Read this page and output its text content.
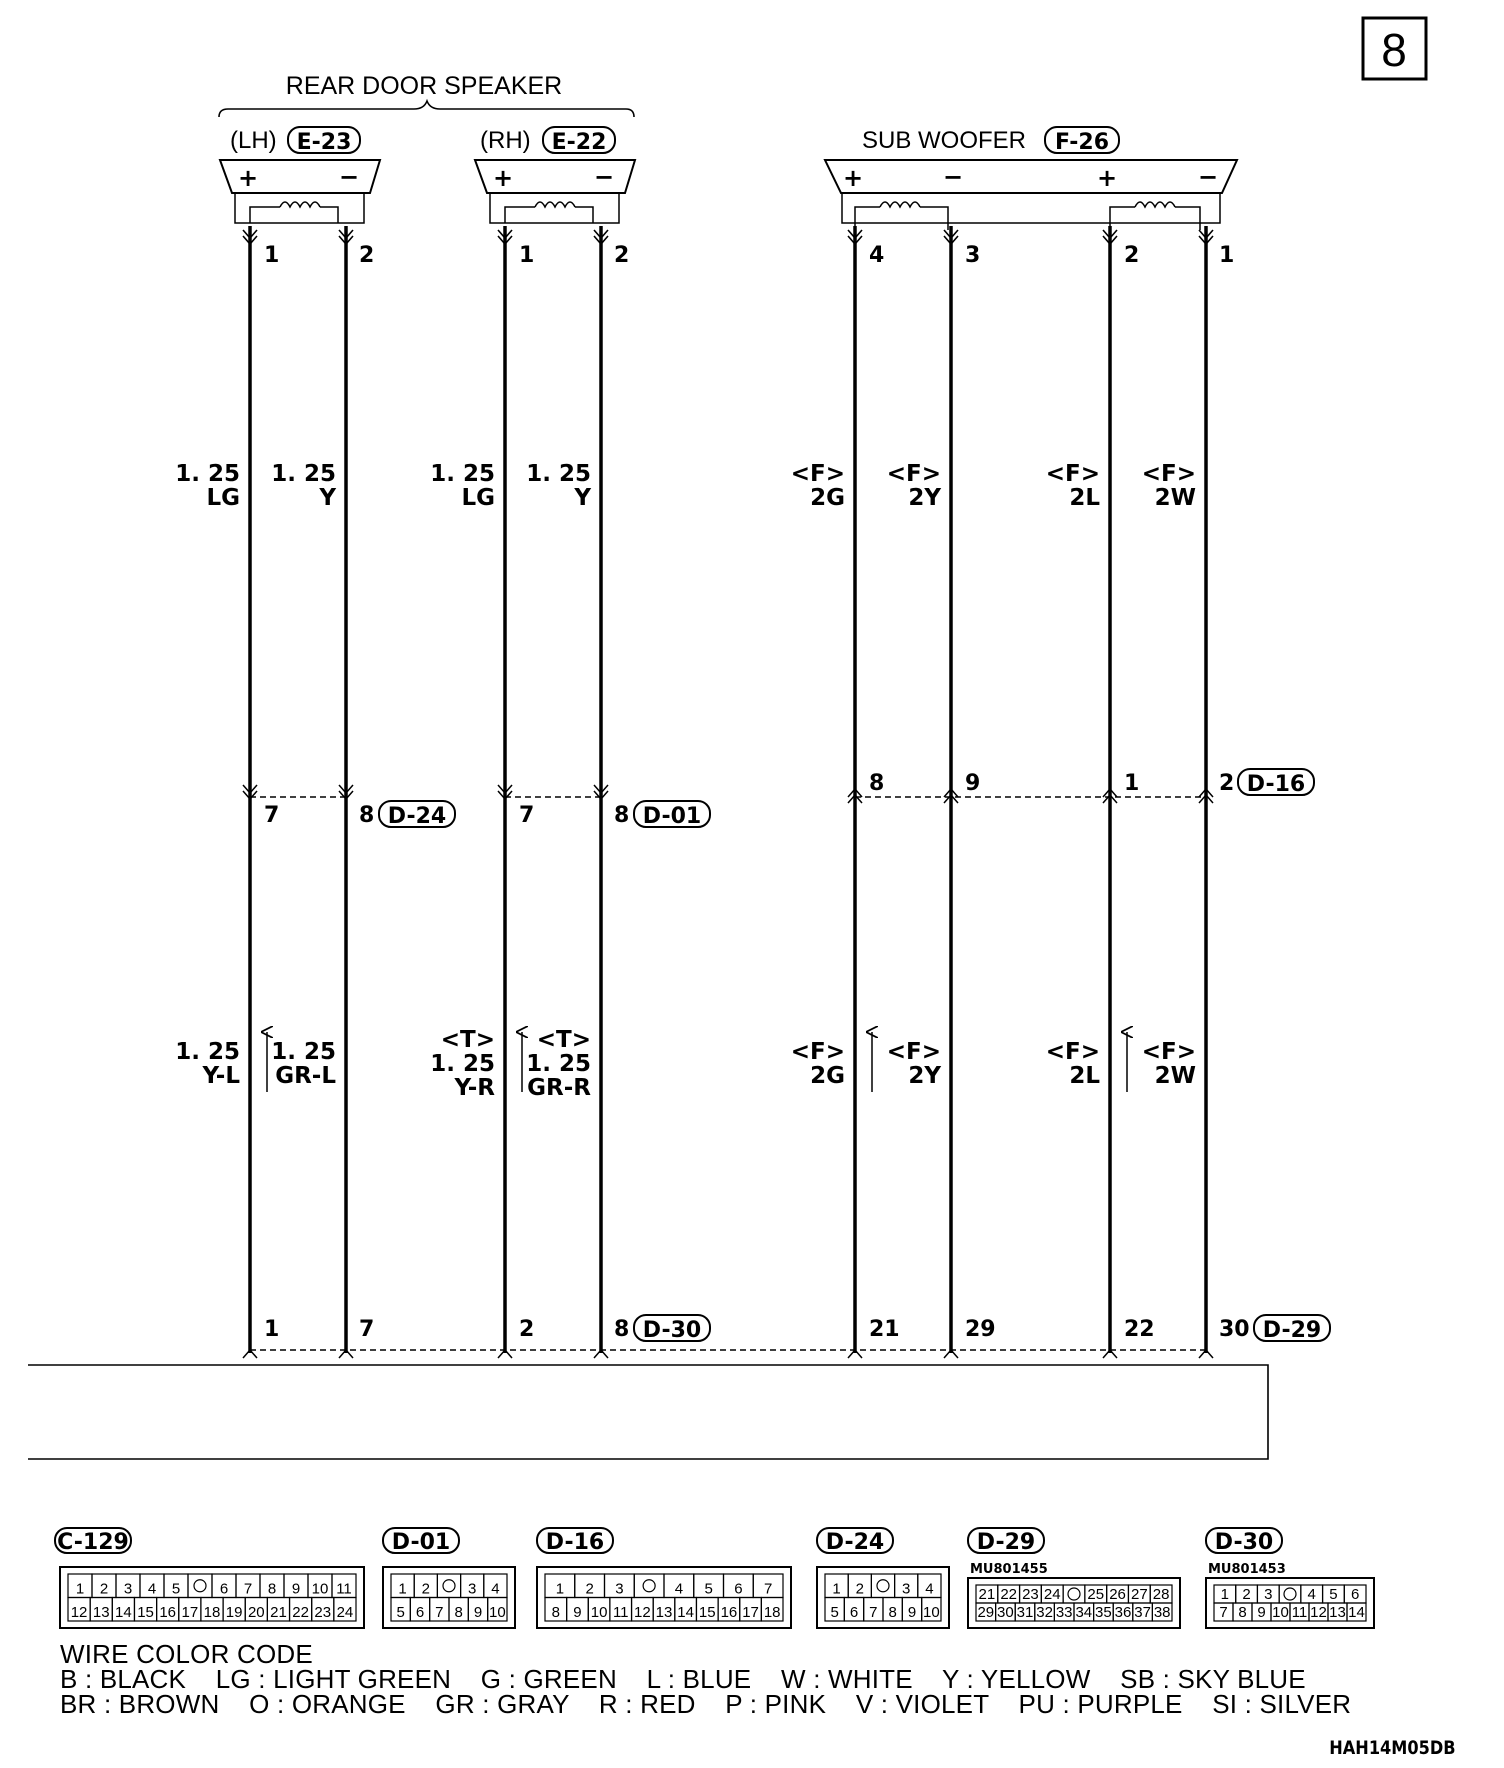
8
REAR DOOR SPEAKER
(LH) E-23	(RH) E-22	SUB WOOFER F-26
+	−	+	−	+	−	+	−
1	2	1	2	4	3	2	1
1. 25
LG
1. 25
Y
1. 25
LG
1. 25
Y
<F>
2G
<F>
2Y
<F>
2L
<F>
2W
7	8 D-24	7	8 D-01
8	9	1	2 D-16
1. 25
Y-L
1. 25
GR-L
<T>
1. 25
Y-R
<T>
1. 25
GR-R
<F>
2G
<F>
2Y
<F>
2L
<F>
2W
1	7	2	8 D-30	21	29	22	30 D-29
C-129
1 2 3 4 5	6 7 8 9 10 11
12 13 14 15 16 17 18 19 20 21 22 23 24
D-01
1 2	3 4
5 6 7 8 9 10
D-16
1 2 3	4 5 6 7
8 9 10 11 12 13 14 15 16 17 18
D-24
1 2	3 4
5 6 7 8 9 10
D-29
MU801455
21 22 23 24 25 26 27 28
29 30 31 32 33 34 35 36 37 38
D-30
MU801453
1 2 3 4 5 6
7 8 9 10 11 12 13 14
WIRE COLOR CODE
B : BLACK    LG : LIGHT GREEN    G : GREEN    L : BLUE    W : WHITE    Y : YELLOW    SB : SKY BLUE
BR : BROWN    O : ORANGE    GR : GRAY    R : RED    P : PINK    V : VIOLET    PU : PURPLE    SI : SILVER
HAH14M05DB
